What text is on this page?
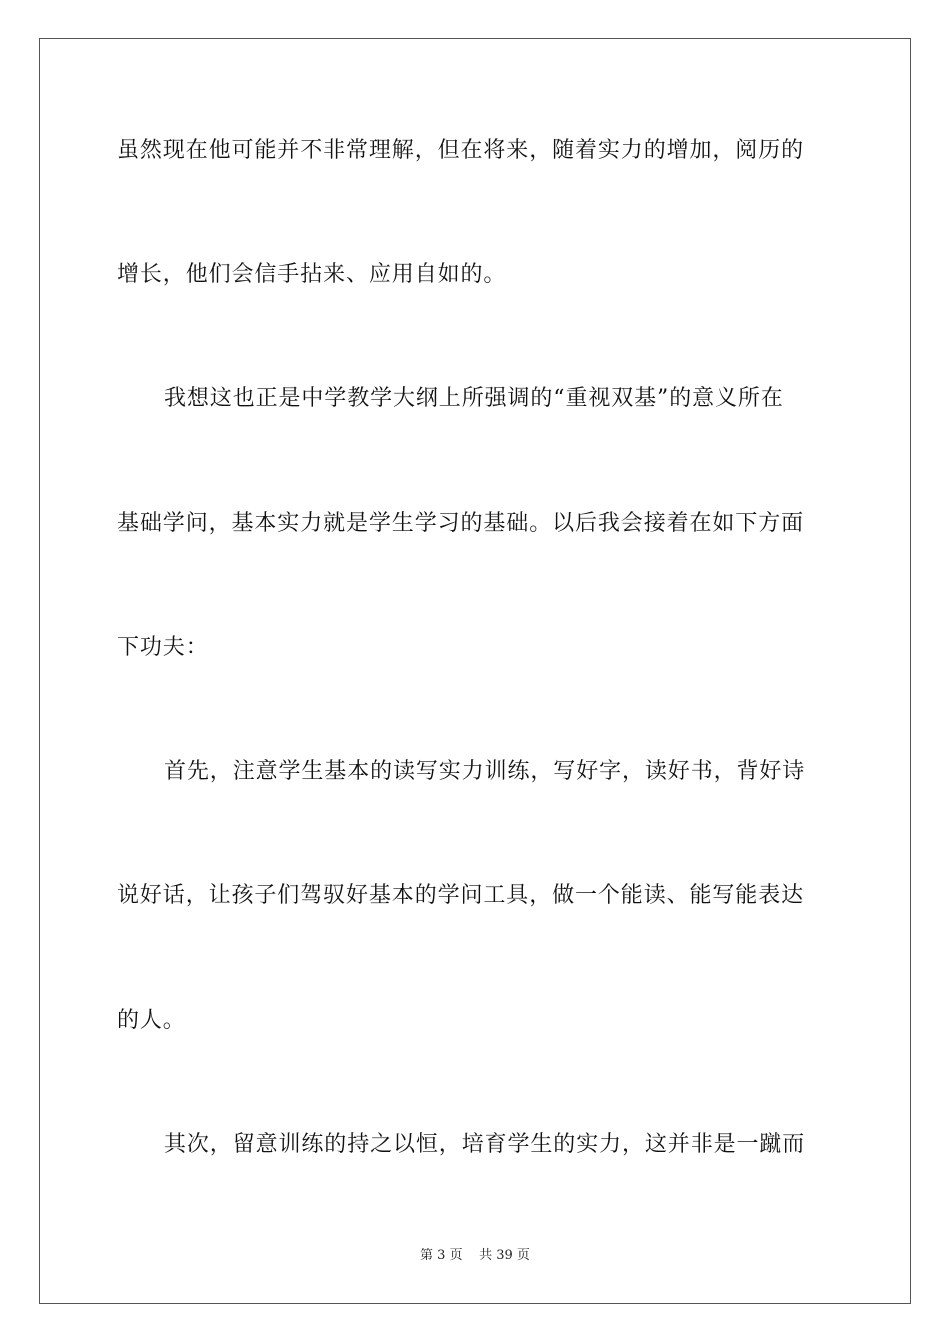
虽然现在他可能并不非常理解，但在将来，随着实力的增加，阅历的
增长，他们会信手拈来、应用自如的。
我想这也正是中学教学大纲上所强调的“重视双基”的意义所在
基础学问，基本实力就是学生学习的基础。以后我会接着在如下方面
下功夫：
首先，注意学生基本的读写实力训练，写好字，读好书，背好诗
说好话，让孩子们驾驭好基本的学问工具，做一个能读、能写能表达
的人。
其次，留意训练的持之以恒，培育学生的实力，这并非是一蹴而
第 3 页 共 39 页
